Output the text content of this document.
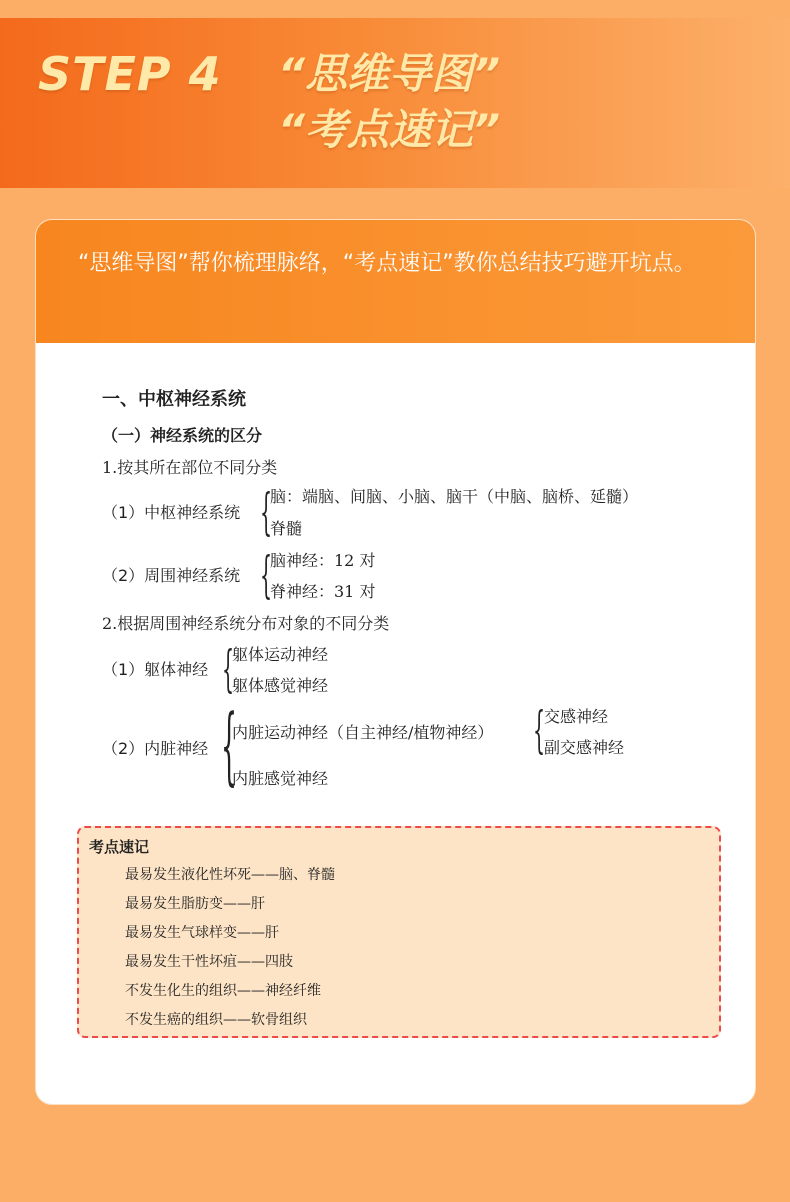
STEP 4 “思维导图”
“考点速记”
“思维导图”帮你梳理脉络，“考点速记”教你总结技巧避开坑点。
一、中枢神经系统
（一）神经系统的区分
1.按其所在部位不同分类
（1）中枢神经系统 {
脑：端脑、间脑、小脑、脑干（中脑、脑桥、延髓）
脊髓
（2）周围神经系统 {
脑神经：12 对
脊神经：31 对
2.根据周围神经系统分布对象的不同分类
（1）躯体神经 {
躯体运动神经
躯体感觉神经
（2）内脏神经 {
内脏运动神经（自主神经/植物神经） {
交感神经
副交感神经
内脏感觉神经
考点速记
最易发生液化性坏死——脑、脊髓
最易发生脂肪变——肝
最易发生气球样变——肝
最易发生干性坏疽——四肢
不发生化生的组织——神经纤维
不发生癌的组织——软骨组织
